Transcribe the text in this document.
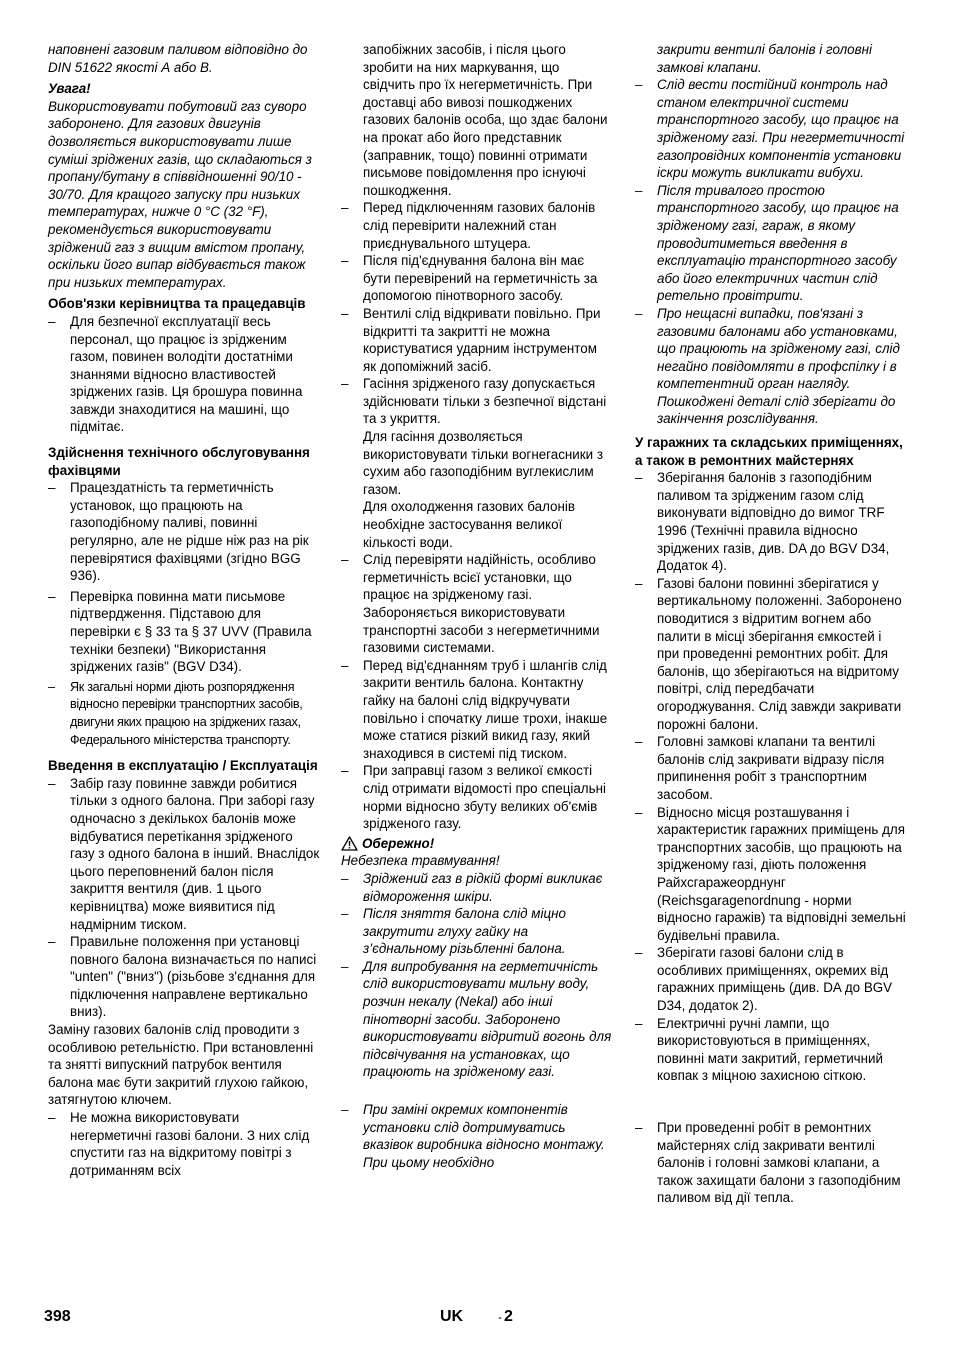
наповнені газовим паливом відповідно до DIN 51622 якості А або В.

Увага!

Використовувати побутовий газ суворо заборонено. Для газових двигунів дозволяється використовувати лише суміші зріджених газів, що складаються з пропану/бутану в співвідношенні 90/10 - 30/70. Для кращого запуску при низьких температурах, нижче 0 °C (32 °F), рекомендується використовувати зріджений газ з вищим вмістом пропану, оскільки його випар відбувається також при низьких температурах.

Обов'язки керівництва та працедавців

– Для безпечної експлуатації весь персонал, що працює із зрідженим газом, повинен володіти достатніми знаннями відносно властивостей зріджених газів. Ця брошура повинна завжди знаходитися на машині, що підмітає.

Здійснення технічного обслуговування фахівцями

– Працездатність та герметичність установок, що працюють на газоподібному паливі, повинні регулярно, але не рідше ніж раз на рік перевірятися фахівцями (згідно BGG 936).
– Перевірка повинна мати письмове підтвердження. Підставою для перевірки є § 33 та § 37 UVV (Правила техніки безпеки) "Використання зріджених газів" (BGV D34).
– Як загальні норми діють розпорядження відносно перевірки транспортних засобів, двигуни яких працюю на зріджених газах, Федерального міністерства транспорту.

Введення в експлуатацію / Експлуатація

– Забір газу повинне завжди робитися тільки з одного балона. При заборі газу одночасно з декількох балонів може відбуватися перетікання зрідженого газу з одного балона в інший. Внаслідок цього переповнений балон після закриття вентиля (див. 1 цього керівництва) може виявитися під надмірним тиском.
– Правильне положення при установці повного балона визначається по написі "unten" ("вниз") (різьбове з'єднання для підключення направлене вертикально вниз).

Заміну газових балонів слід проводити з особливою ретельністю. При встановленні та знятті випускний патрубок вентиля балона має бути закритий глухою гайкою, затягнутою ключем.

– Не можна використовувати негерметичні газові балони. З них слід спустити газ на відкритому повітрі з дотриманням всіх
запобіжних засобів, і після цього зробити на них маркування, що свідчить про їх негерметичність. При доставці або вивозі пошкоджених газових балонів особа, що здає балони на прокат або його представник (заправник, тощо) повинні отримати письмове повідомлення про існуючі пошкодження.
– Перед підключенням газових балонів слід перевірити належний стан приєднувального штуцера.
– Після під'єднування балона він має бути перевірений на герметичність за допомогою пінотворного засобу.
– Вентилі слід відкривати повільно. При відкритті та закритті не можна користуватися ударним інструментом як допоміжний засіб.
– Гасіння зрідженого газу допускається здійснювати тільки з безпечної відстані та з укриття.
Для гасіння дозволяється використовувати тільки вогнегасники з сухим або газоподібним вуглекислим газом.
Для охолодження газових балонів необхідне застосування великої кількості води.
– Слід перевіряти надійність, особливо герметичність всієї установки, що працює на зрідженому газі. Забороняється використовувати транспортні засоби з негерметичними газовими системами.
– Перед від'єднанням труб і шлангів слід закрити вентиль балона. Контактну гайку на балоні слід відкручувати повільно і спочатку лише трохи, інакше може статися різкий викид газу, який знаходився в системі під тиском.
– При заправці газом з великої ємкості слід отримати відомості про спеціальні норми відносно збуту великих об'ємів зрідженого газу.
Обережно!

Небезпека травмування!

– Зріджений газ в рідкій формі викликає відмороження шкіри.
– Після зняття балона слід міцно закрутити глуху гайку на з’єднальному різьбленні балона.
– Для випробування на герметичність слід використовувати мильну воду, розчин некалу (Nekal) або інші пінотворні засоби. Заборонено використовувати відритий вогонь для підсвічування на установках, що працюють на зрідженому газі.
– При заміні окремих компонентів установки слід дотримуватись вказівок виробника відносно монтажу. При цьому необхідно
закрити вентилі балонів і головні замкові клапани.
– Слід вести постійний контроль над станом електричної системи транспортного засобу, що працює на зрідженому газі. При негерметичності газопровідних компонентів установки іскри можуть викликати вибухи.
– Після тривалого простою транспортного засобу, що працює на зрідженому газі, гараж, в якому проводитиметься введення в експлуатацію транспортного засобу або його електричних частин слід ретельно провітрити.
– Про нещасні випадки, пов'язані з газовими балонами або установками, що працюють на зрідженому газі, слід негайно повідомляти в профспілку і в компетентний орган нагляду. Пошкоджені деталі слід зберігати до закінчення розслідування.

У гаражних та складських приміщеннях, а також в ремонтних майстернях

– Зберігання балонів з газоподібним паливом та зрідженим газом слід виконувати відповідно до вимог TRF 1996 (Технічні правила відносно зріджених газів, див. DA до BGV D34, Додаток 4).
– Газові балони повинні зберігатися у вертикальному положенні. Заборонено поводитися з відритим вогнем або палити в місці зберігання ємкостей і при проведенні ремонтних робіт. Для балонів, що зберігаються на відритому повітрі, слід передбачати огороджування. Слід завжди закривати порожні балони.
– Головні замкові клапани та вентилі балонів слід закривати відразу після припинення робіт з транспортним засобом.
– Відносно місця розташування і характеристик гаражних приміщень для транспортних засобів, що працюють на зрідженому газі, діють положення Райхсгаражеорднунг (Reichsgaragenordnung - норми відносно гаражів) та відповідні земельні будівельні правила.
– Зберігати газові балони слід в особливих приміщеннях, окремих від гаражних приміщень (див. DA до BGV D34, додаток 2).
– Електричні ручні лампи, що використовуються в приміщеннях, повинні мати закритий, герметичний ковпак з міцною захисною сіткою.
– При проведенні робіт в ремонтних майстернях слід закривати вентилі балонів і головні замкові клапани, а також захищати балони з газоподібним паливом від дії тепла.
398	UK	- 2
